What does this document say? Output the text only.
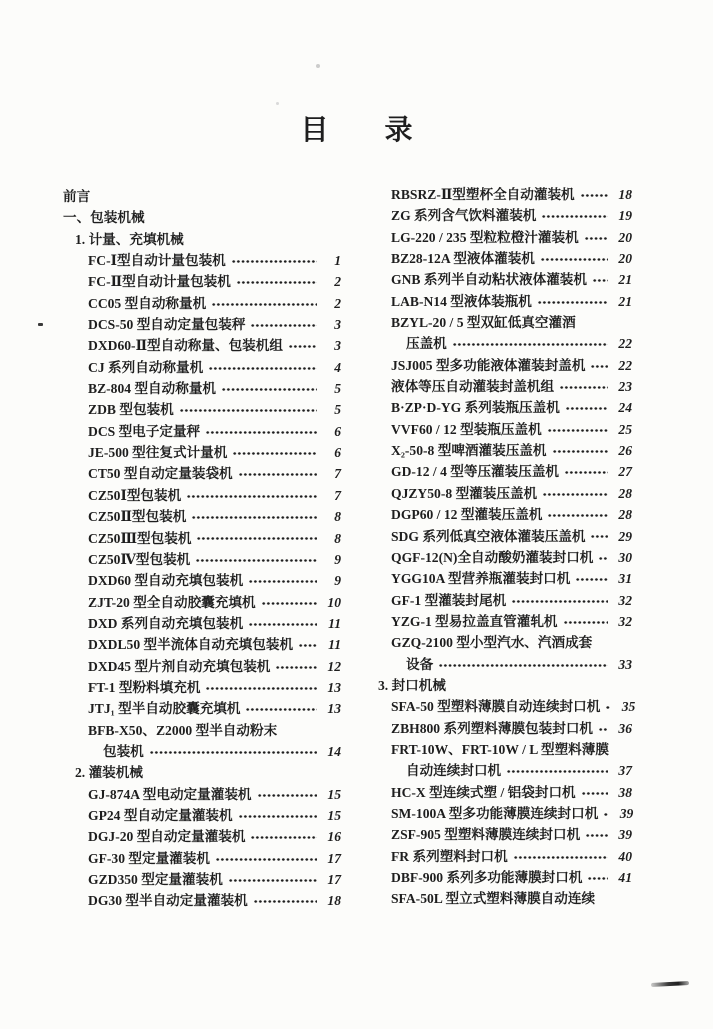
目　　录
前言
一、包装机械
1. 计量、充填机械
FC-Ⅰ型自动计量包装机	1
FC-Ⅱ型自动计量包装机	2
CC05 型自动称量机	2
DCS-50 型自动定量包装秤	3
DXD60-Ⅱ型自动称量、包装机组	3
CJ 系列自动称量机	4
BZ-804 型自动称量机	5
ZDB 型包装机	5
DCS 型电子定量秤	6
JE-500 型往复式计量机	6
CT50 型自动定量装袋机	7
CZ50Ⅰ型包装机	7
CZ50Ⅱ型包装机	8
CZ50Ⅲ型包装机	8
CZ50Ⅳ型包装机	9
DXD60 型自动充填包装机	9
ZJT-20 型全自动胶囊充填机	10
DXD 系列自动充填包装机	11
DXDL50 型半流体自动充填包装机	11
DXD45 型片剂自动充填包装机	12
FT-1 型粉料填充机	13
JTJ₁ 型半自动胶囊充填机	13
BFB-X50、Z2000 型半自动粉末
包装机	14
2. 灌装机械
GJ-874A 型电动定量灌装机	15
GP24 型自动定量灌装机	15
DGJ-20 型自动定量灌装机	16
GF-30 型定量灌装机	17
GZD350 型定量灌装机	17
DG30 型半自动定量灌装机	18
RBSRZ-Ⅱ型塑杯全自动灌装机	18
ZG 系列含气饮料灌装机	19
LG-220 / 235 型粒粒橙汁灌装机	20
BZ28-12A 型液体灌装机	20
GNB 系列半自动粘状液体灌装机	21
LAB-N14 型液体装瓶机	21
BZYL-20 / 5 型双缸低真空灌酒
压盖机	22
JSJ005 型多功能液体灌装封盖机	22
液体等压自动灌装封盖机组	23
B·ZP·D-YG 系列装瓶压盖机	24
VVF60 / 12 型装瓶压盖机	25
X₂-50-8 型啤酒灌装压盖机	26
GD-12 / 4 型等压灌装压盖机	27
QJZY50-8 型灌装压盖机	28
DGP60 / 12 型灌装压盖机	28
SDG 系列低真空液体灌装压盖机	29
QGF-12(N)全自动酸奶灌装封口机	30
YGG10A 型营养瓶灌装封口机	31
GF-1 型灌装封尾机	32
YZG-1 型易拉盖直管灌轧机	32
GZQ-2100 型小型汽水、汽酒成套
设备	33
3. 封口机械
SFA-50 型塑料薄膜自动连续封口机	35
ZBH800 系列塑料薄膜包装封口机	36
FRT-10W、FRT-10W / L 型塑料薄膜
自动连续封口机	37
HC-X 型连续式塑 / 铝袋封口机	38
SM-100A 型多功能薄膜连续封口机	39
ZSF-905 型塑料薄膜连续封口机	39
FR 系列塑料封口机	40
DBF-900 系列多功能薄膜封口机	41
SFA-50L 型立式塑料薄膜自动连续
